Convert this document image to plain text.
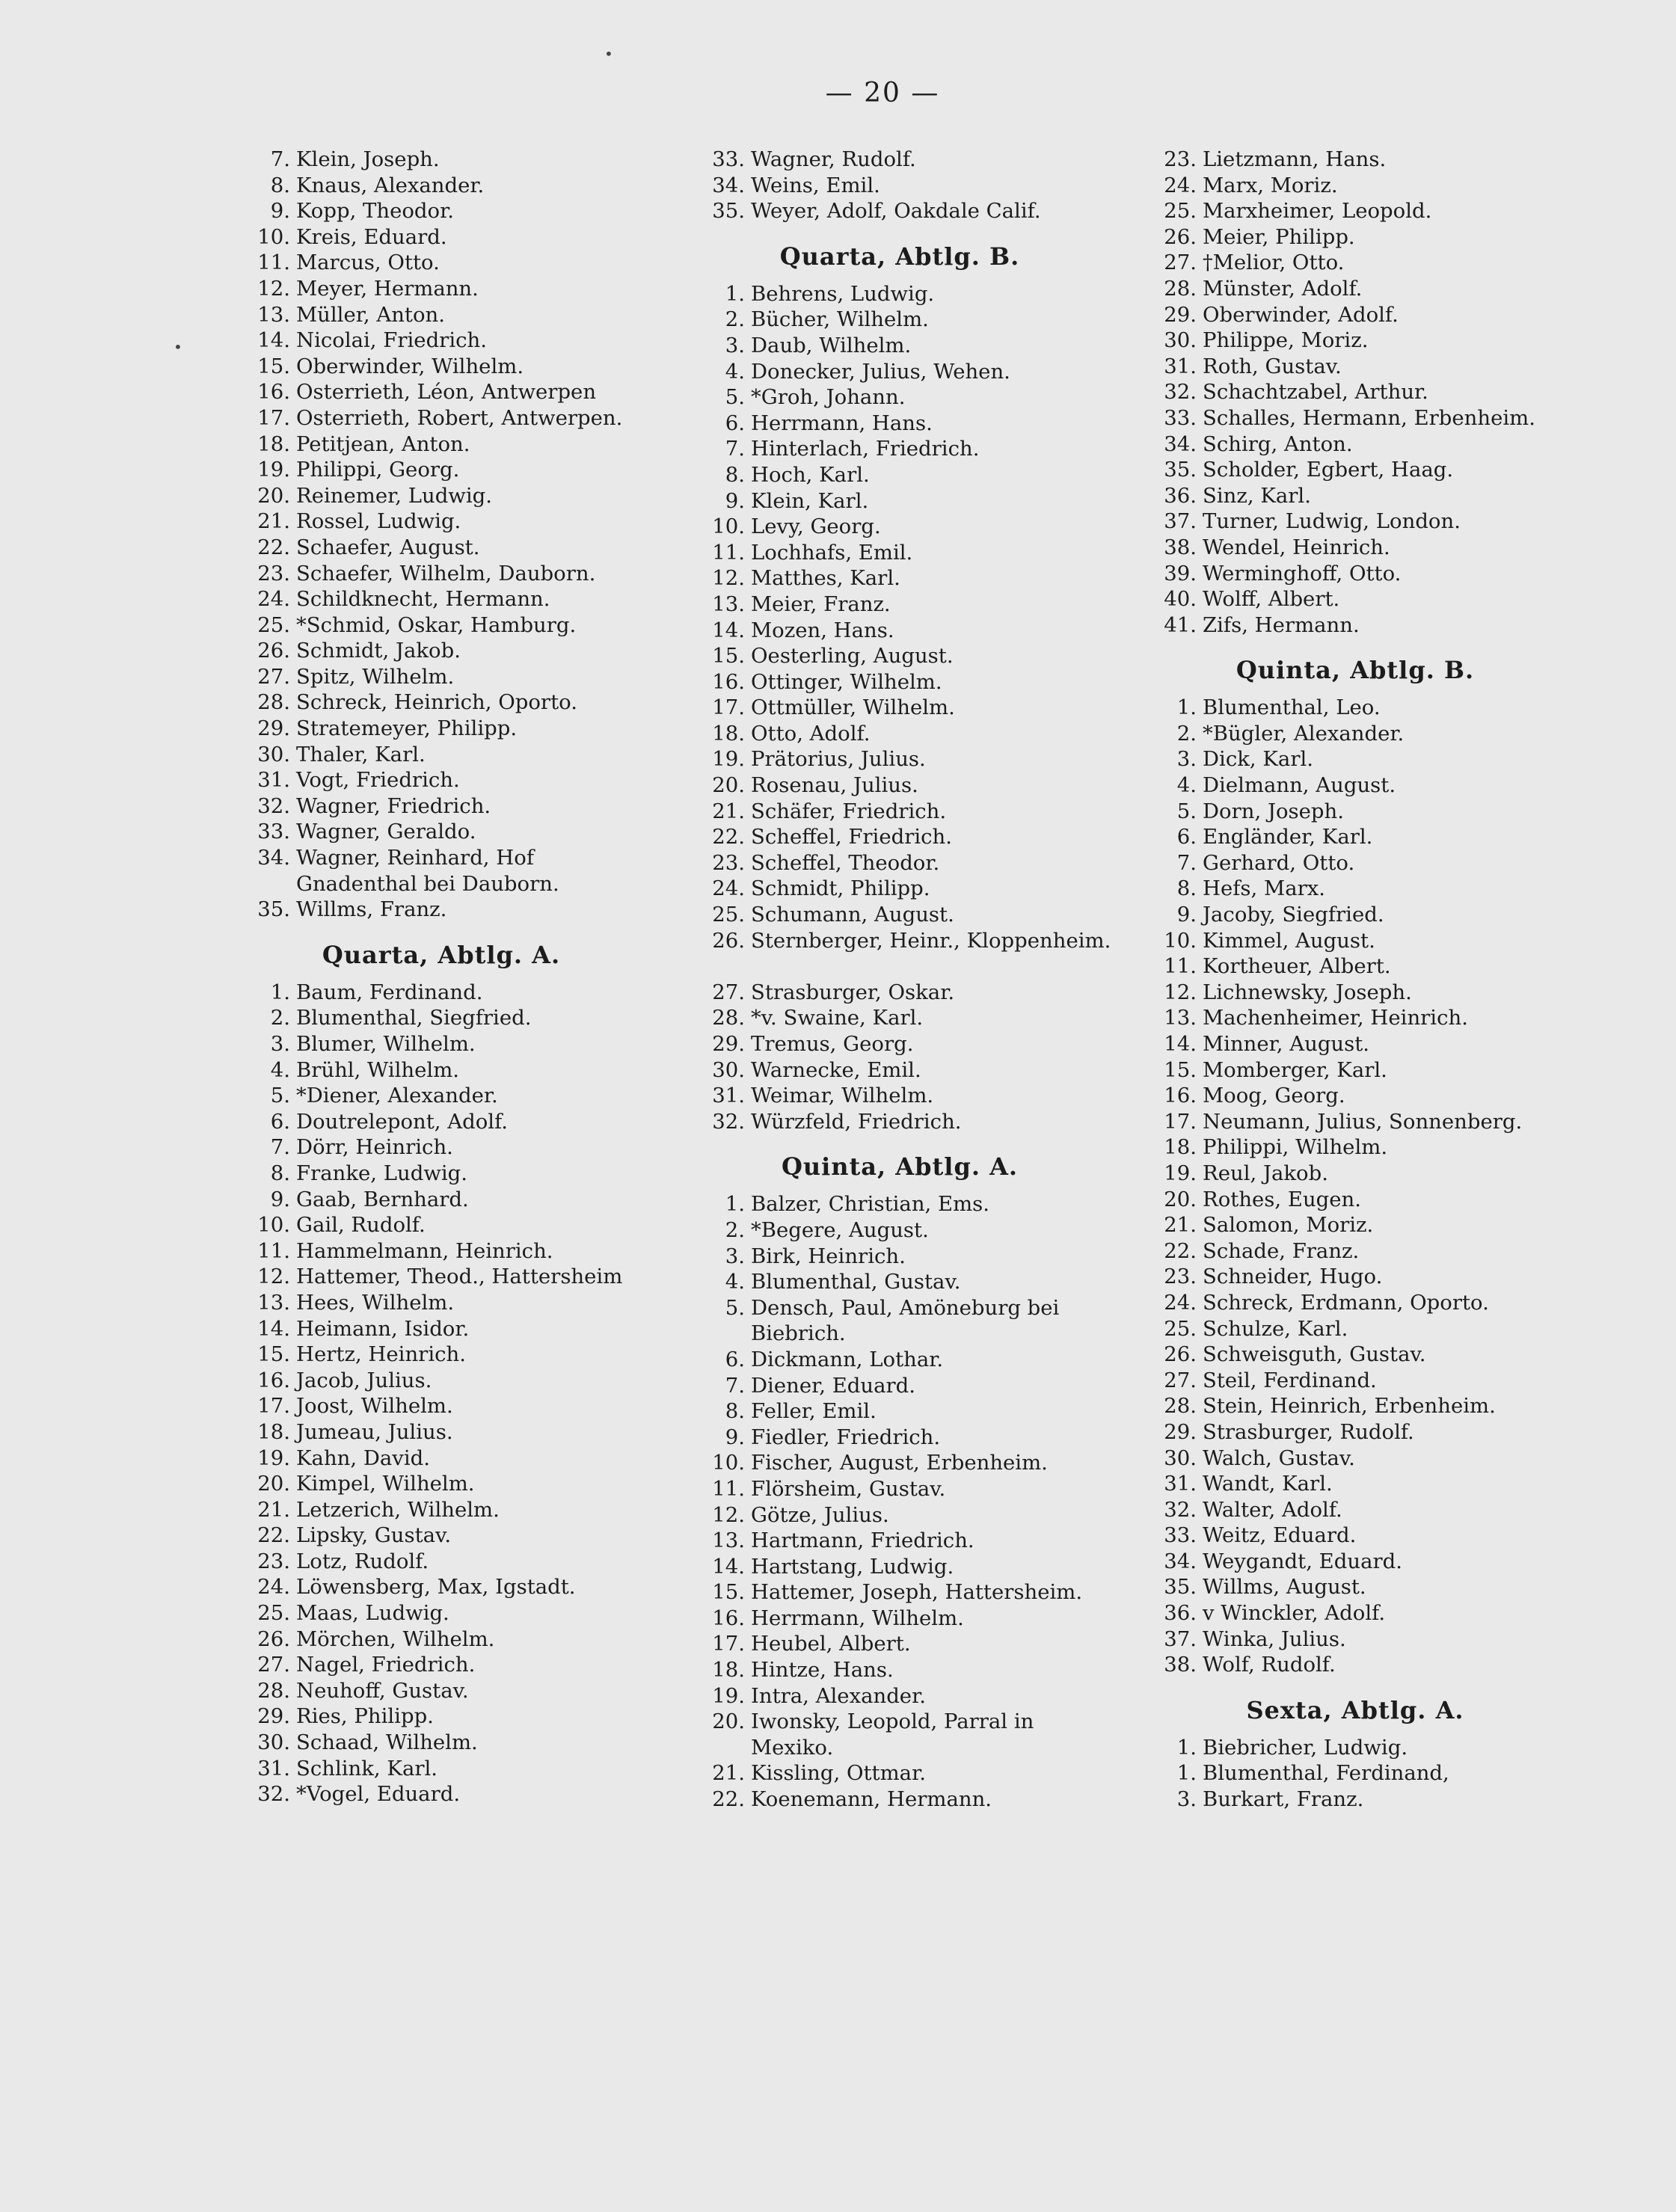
— 20 —
7. Klein, Joseph.
8. Knaus, Alexander.
9. Kopp, Theodor.
10. Kreis, Eduard.
11. Marcus, Otto.
12. Meyer, Hermann.
13. Müller, Anton.
14. Nicolai, Friedrich.
15. Oberwinder, Wilhelm.
16. Osterrieth, Léon, Antwerpen
17. Osterrieth, Robert, Antwerpen.
18. Petitjean, Anton.
19. Philippi, Georg.
20. Reinemer, Ludwig.
21. Rossel, Ludwig.
22. Schaefer, August.
23. Schaefer, Wilhelm, Dauborn.
24. Schildknecht, Hermann.
25. *Schmid, Oskar, Hamburg.
26. Schmidt, Jakob.
27. Spitz, Wilhelm.
28. Schreck, Heinrich, Oporto.
29. Stratemeyer, Philipp.
30. Thaler, Karl.
31. Vogt, Friedrich.
32. Wagner, Friedrich.
33. Wagner, Geraldo.
34. Wagner, Reinhard, Hof Gnadenthal bei Dauborn.
35. Willms, Franz.
Quarta, Abtlg. A.
1. Baum, Ferdinand.
2. Blumenthal, Siegfried.
3. Blumer, Wilhelm.
4. Brühl, Wilhelm.
5. *Diener, Alexander.
6. Doutrelepont, Adolf.
7. Dörr, Heinrich.
8. Franke, Ludwig.
9. Gaab, Bernhard.
10. Gail, Rudolf.
11. Hammelmann, Heinrich.
12. Hattemer, Theod., Hattersheim
13. Hees, Wilhelm.
14. Heimann, Isidor.
15. Hertz, Heinrich.
16. Jacob, Julius.
17. Joost, Wilhelm.
18. Jumeau, Julius.
19. Kahn, David.
20. Kimpel, Wilhelm.
21. Letzerich, Wilhelm.
22. Lipsky, Gustav.
23. Lotz, Rudolf.
24. Löwensberg, Max, Igstadt.
25. Maas, Ludwig.
26. Mörchen, Wilhelm.
27. Nagel, Friedrich.
28. Neuhoff, Gustav.
29. Ries, Philipp.
30. Schaad, Wilhelm.
31. Schlink, Karl.
32. *Vogel, Eduard.
33. Wagner, Rudolf.
34. Weins, Emil.
35. Weyer, Adolf, Oakdale Calif.
Quarta, Abtlg. B.
1. Behrens, Ludwig.
2. Bücher, Wilhelm.
3. Daub, Wilhelm.
4. Donecker, Julius, Wehen.
5. *Groh, Johann.
6. Herrmann, Hans.
7. Hinterlach, Friedrich.
8. Hoch, Karl.
9. Klein, Karl.
10. Levy, Georg.
11. Lochhafs, Emil.
12. Matthes, Karl.
13. Meier, Franz.
14. Mozen, Hans.
15. Oesterling, August.
16. Ottinger, Wilhelm.
17. Ottmüller, Wilhelm.
18. Otto, Adolf.
19. Prätorius, Julius.
20. Rosenau, Julius.
21. Schäfer, Friedrich.
22. Scheffel, Friedrich.
23. Scheffel, Theodor.
24. Schmidt, Philipp.
25. Schumann, August.
26. Sternberger, Heinr., Kloppenheim.
27. Strasburger, Oskar.
28. *v. Swaine, Karl.
29. Tremus, Georg.
30. Warnecke, Emil.
31. Weimar, Wilhelm.
32. Würzfeld, Friedrich.
Quinta, Abtlg. A.
1. Balzer, Christian, Ems.
2. *Begere, August.
3. Birk, Heinrich.
4. Blumenthal, Gustav.
5. Densch, Paul, Amöneburg bei Biebrich.
6. Dickmann, Lothar.
7. Diener, Eduard.
8. Feller, Emil.
9. Fiedler, Friedrich.
10. Fischer, August, Erbenheim.
11. Flörsheim, Gustav.
12. Götze, Julius.
13. Hartmann, Friedrich.
14. Hartstang, Ludwig.
15. Hattemer, Joseph, Hattersheim.
16. Herrmann, Wilhelm.
17. Heubel, Albert.
18. Hintze, Hans.
19. Intra, Alexander.
20. Iwonsky, Leopold, Parral in Mexiko.
21. Kissling, Ottmar.
22. Koenemann, Hermann.
23. Lietzmann, Hans.
24. Marx, Moriz.
25. Marxheimer, Leopold.
26. Meier, Philipp.
27. †Melior, Otto.
28. Münster, Adolf.
29. Oberwinder, Adolf.
30. Philippe, Moriz.
31. Roth, Gustav.
32. Schachtzabel, Arthur.
33. Schalles, Hermann, Erbenheim.
34. Schirg, Anton.
35. Scholder, Egbert, Haag.
36. Sinz, Karl.
37. Turner, Ludwig, London.
38. Wendel, Heinrich.
39. Werminghoff, Otto.
40. Wolff, Albert.
41. Zifs, Hermann.
Quinta, Abtlg. B.
1. Blumenthal, Leo.
2. *Bügler, Alexander.
3. Dick, Karl.
4. Dielmann, August.
5. Dorn, Joseph.
6. Engländer, Karl.
7. Gerhard, Otto.
8. Hefs, Marx.
9. Jacoby, Siegfried.
10. Kimmel, August.
11. Kortheuer, Albert.
12. Lichnewsky, Joseph.
13. Machenheimer, Heinrich.
14. Minner, August.
15. Momberger, Karl.
16. Moog, Georg.
17. Neumann, Julius, Sonnenberg.
18. Philippi, Wilhelm.
19. Reul, Jakob.
20. Rothes, Eugen.
21. Salomon, Moriz.
22. Schade, Franz.
23. Schneider, Hugo.
24. Schreck, Erdmann, Oporto.
25. Schulze, Karl.
26. Schweisguth, Gustav.
27. Steil, Ferdinand.
28. Stein, Heinrich, Erbenheim.
29. Strasburger, Rudolf.
30. Walch, Gustav.
31. Wandt, Karl.
32. Walter, Adolf.
33. Weitz, Eduard.
34. Weygandt, Eduard.
35. Willms, August.
36. v Winckler, Adolf.
37. Winka, Julius.
38. Wolf, Rudolf.
Sexta, Abtlg. A.
1. Biebricher, Ludwig.
1. Blumenthal, Ferdinand,
3. Burkart, Franz.
•
•
